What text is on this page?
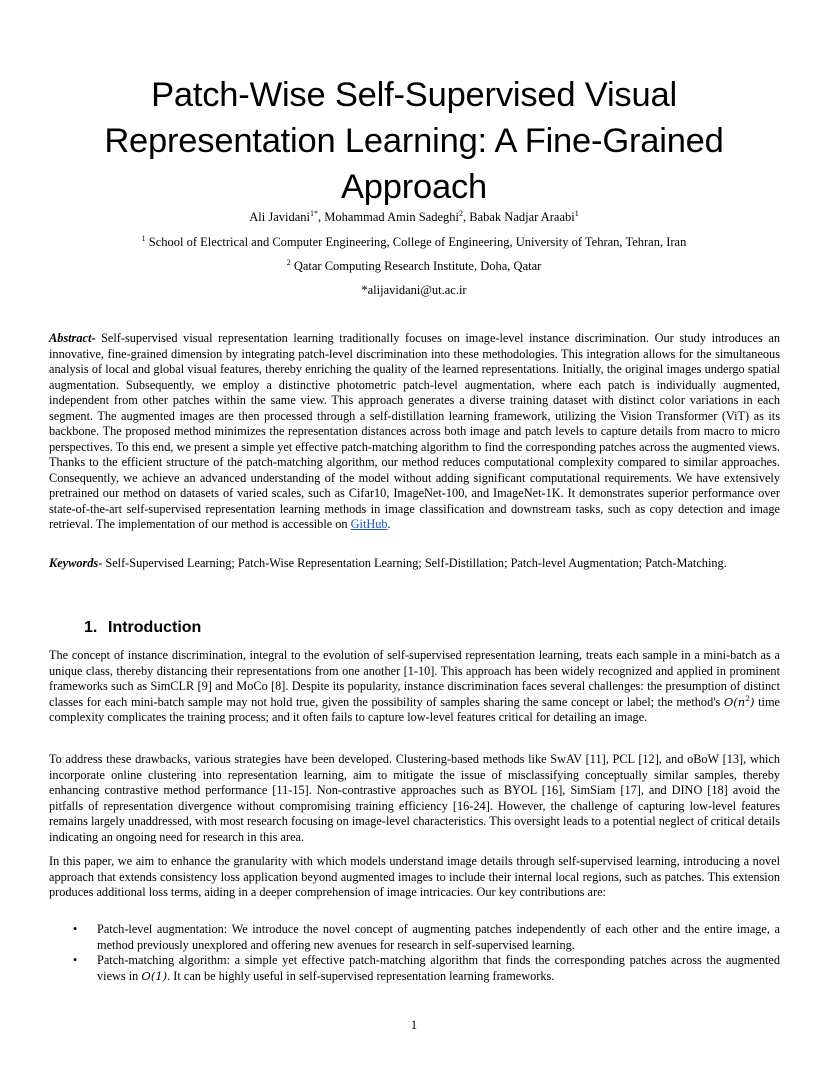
Patch-Wise Self-Supervised Visual
Representation Learning: A Fine-Grained
Approach
Ali Javidani$^{1*}$, Mohammad Amin Sadeghi$^2$, Babak Nadjar Araabi$^1$
$^1$ School of Electrical and Computer Engineering, College of Engineering, University of Tehran, Tehran, Iran
$^2$ Qatar Computing Research Institute, Doha, Qatar
*alijavidani@ut.ac.ir

Abstract- Self-supervised visual representation learning traditionally focuses on image-level instance discrimination. Our study introduces an innovative, fine-grained dimension by integrating patch-level discrimination into these methodologies. This integration allows for the simultaneous analysis of local and global visual features, thereby enriching the quality of the learned representations. Initially, the original images undergo spatial augmentation. Subsequently, we employ a distinctive photometric patch-level augmentation, where each patch is individually augmented, independent from other patches within the same view. This approach generates a diverse training dataset with distinct color variations in each segment. The augmented images are then processed through a self-distillation learning framework, utilizing the Vision Transformer (ViT) as its backbone. The proposed method minimizes the representation distances across both image and patch levels to capture details from macro to micro perspectives. To this end, we present a simple yet effective patch-matching algorithm to find the corresponding patches across the augmented views. Thanks to the efficient structure of the patch-matching algorithm, our method reduces computational complexity compared to similar approaches. Consequently, we achieve an advanced understanding of the model without adding significant computational requirements. We have extensively pretrained our method on datasets of varied scales, such as Cifar10, ImageNet-100, and ImageNet-1K. It demonstrates superior performance over state-of-the-art self-supervised representation learning methods in image classification and downstream tasks, such as copy detection and image retrieval. The implementation of our method is accessible on GitHub.

Keywords- Self-Supervised Learning; Patch-Wise Representation Learning; Self-Distillation; Patch-level Augmentation; Patch-Matching.

1. Introduction

The concept of instance discrimination, integral to the evolution of self-supervised representation learning, treats each sample in a mini-batch as a unique class, thereby distancing their representations from one another [1-10]. This approach has been widely recognized and applied in prominent frameworks such as SimCLR [9] and MoCo [8]. Despite its popularity, instance discrimination faces several challenges: the presumption of distinct classes for each mini-batch sample may not hold true, given the possibility of samples sharing the same concept or label; the method's $O(n^2)$ time complexity complicates the training process; and it often fails to capture low-level features critical for detailing an image.

To address these drawbacks, various strategies have been developed. Clustering-based methods like SwAV [11], PCL [12], and oBoW [13], which incorporate online clustering into representation learning, aim to mitigate the issue of misclassifying conceptually similar samples, thereby enhancing contrastive method performance [11-15]. Non-contrastive approaches such as BYOL [16], SimSiam [17], and DINO [18] avoid the pitfalls of representation divergence without compromising training efficiency [16-24]. However, the challenge of capturing low-level features remains largely unaddressed, with most research focusing on image-level characteristics. This oversight leads to a potential neglect of critical details indicating an ongoing need for research in this area.

In this paper, we aim to enhance the granularity with which models understand image details through self-supervised learning, introducing a novel approach that extends consistency loss application beyond augmented images to include their internal local regions, such as patches. This extension produces additional loss terms, aiding in a deeper comprehension of image intricacies. Our key contributions are:

• Patch-level augmentation: We introduce the novel concept of augmenting patches independently of each other and the entire image, a method previously unexplored and offering new avenues for research in self-supervised learning.
• Patch-matching algorithm: a simple yet effective patch-matching algorithm that finds the corresponding patches across the augmented views in O(1). It can be highly useful in self-supervised representation learning frameworks.
1
